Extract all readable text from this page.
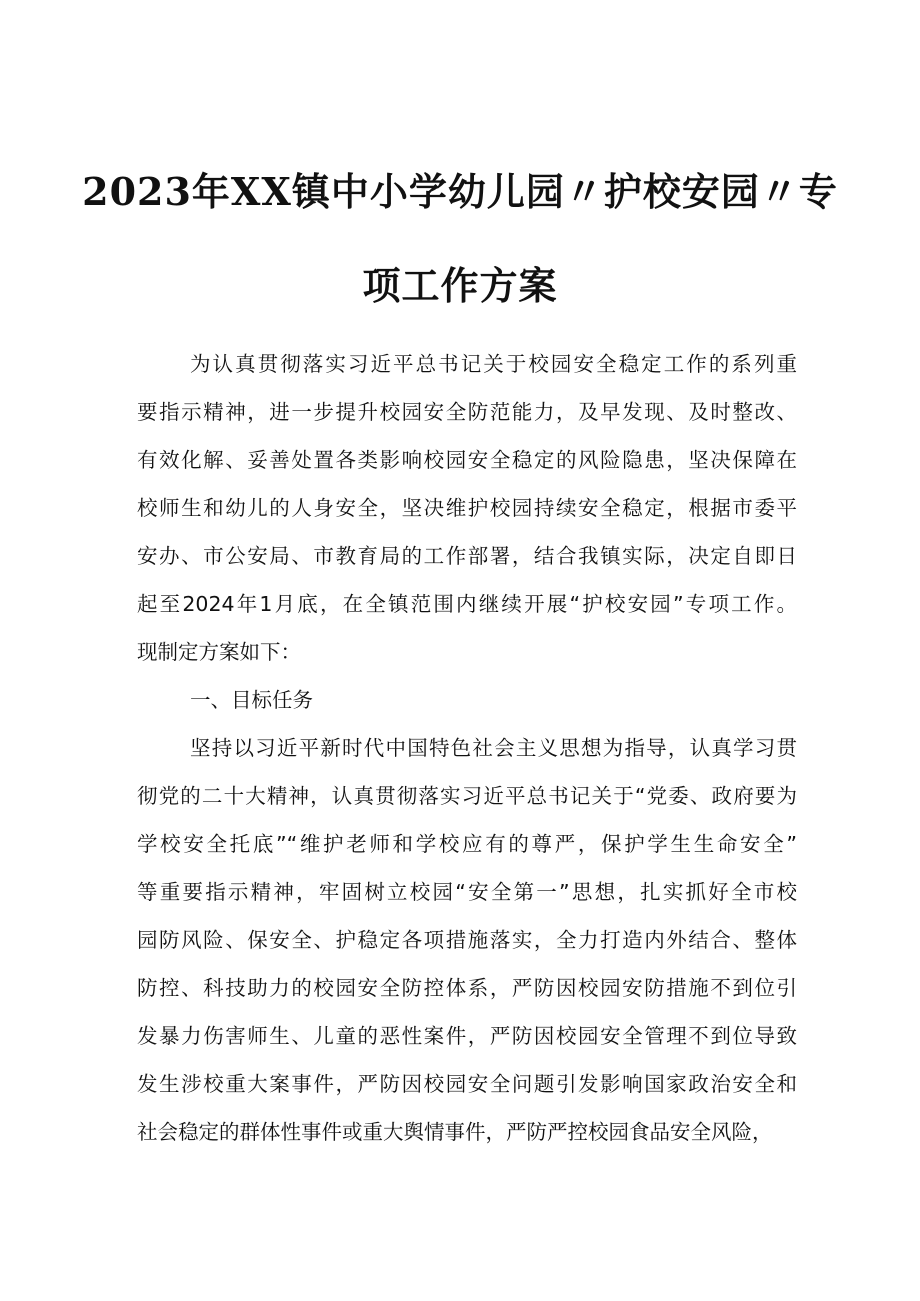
2023年XX镇中小学幼儿园〃护校安园〃专
项工作方案
为认真贯彻落实习近平总书记关于校园安全稳定工作的系列重
要指示精神，进一步提升校园安全防范能力，及早发现、及时整改、
有效化解、妥善处置各类影响校园安全稳定的风险隐患，坚决保障在
校师生和幼儿的人身安全，坚决维护校园持续安全稳定，根据市委平
安办、市公安局、市教育局的工作部署，结合我镇实际，决定自即日
起至2024年1月底，在全镇范围内继续开展“护校安园”专项工作。
现制定方案如下：
一、目标任务
坚持以习近平新时代中国特色社会主义思想为指导，认真学习贯
彻党的二十大精神，认真贯彻落实习近平总书记关于“党委、政府要为
学校安全托底”“维护老师和学校应有的尊严，保护学生生命安全”
等重要指示精神，牢固树立校园“安全第一”思想，扎实抓好全市校
园防风险、保安全、护稳定各项措施落实，全力打造内外结合、整体
防控、科技助力的校园安全防控体系，严防因校园安防措施不到位引
发暴力伤害师生、儿童的恶性案件，严防因校园安全管理不到位导致
发生涉校重大案事件，严防因校园安全问题引发影响国家政治安全和
社会稳定的群体性事件或重大舆情事件，严防严控校园食品安全风险，
